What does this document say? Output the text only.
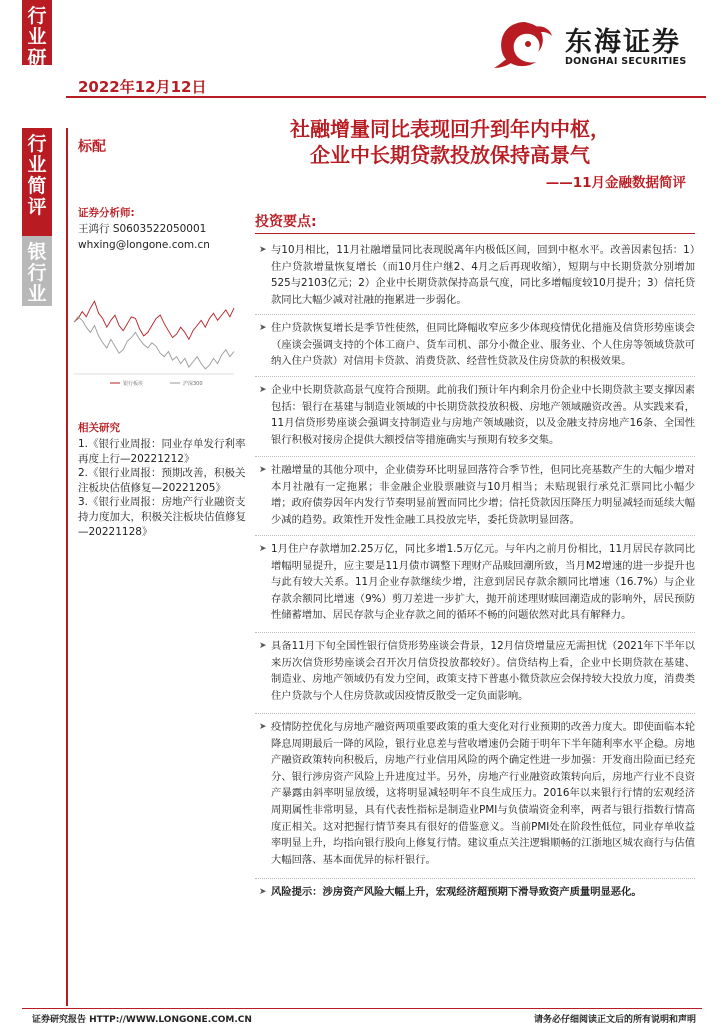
行业研究
行业简评
银行业
2022年12月12日
东海证券
DONGHAI SECURITIES
标配
社融增量同比表现回升到年内中枢，
企业中长期贷款投放保持高景气
——11月金融数据简评
证券分析师:
王鸿行 S0603522050001
whxing@longone.com.cn
银行板块	沪深300
相关研究
1.《银行业周报：同业存单发行利率再度上行—20221212》
2.《银行业周报：预期改善，积极关注板块估值修复—20221205》
3.《银行业周报：房地产行业融资支持力度加大，积极关注板块估值修复—20221128》
投资要点:
➤ 与10月相比，11月社融增量同比表现脱离年内极低区间，回到中枢水平。改善因素包括：1）住户贷款增量恢复增长（而10月住户继2、4月之后再现收缩），短期与中长期贷款分别增加525与2103亿元；2）企业中长期贷款保持高景气度，同比多增幅度较10月提升；3）信托贷款同比大幅少减对社融的拖累进一步弱化。
➤ 住户贷款恢复增长是季节性使然，但同比降幅收窄应多少体现疫情优化措施及信贷形势座谈会（座谈会强调支持的个体工商户、货车司机、部分小微企业、服务业、个人住房等领域贷款可纳入住户贷款）对信用卡贷款、消费贷款、经营性贷款及住房贷款的积极效果。
➤ 企业中长期贷款高景气度符合预期。此前我们预计年内剩余月份企业中长期贷款主要支撑因素包括：银行在基建与制造业领域的中长期贷款投放积极、房地产领域融资改善。从实践来看，11月信贷形势座谈会强调支持制造业与房地产领域融资，以及金融支持房地产16条、全国性银行积极对接房企提供大额授信等措施确实与预期有较多交集。
➤ 社融增量的其他分项中，企业债券环比明显回落符合季节性，但同比亮基数产生的大幅少增对本月社融有一定拖累；非金融企业股票融资与10月相当；未贴现银行承兑汇票同比小幅少增；政府债券因年内发行节奏明显前置而同比少增；信托贷款因压降压力明显减轻而延续大幅少减的趋势。政策性开发性金融工具投放完毕，委托贷款明显回落。
➤ 1月住户存款增加2.25万亿，同比多增1.5万亿元。与年内之前月份相比，11月居民存款同比增幅明显提升，应主要是11月债市调整下理财产品赎回潮所致，当月M2增速的进一步提升也与此有较大关系。11月企业存款继续少增，注意到居民存款余额同比增速（16.7%）与企业存款余额同比增速（9%）剪刀差进一步扩大，抛开前述理财赎回潮造成的影响外，居民预防性储蓄增加、居民存款与企业存款之间的循环不畅的问题依然对此具有解释力。
➤ 具备11月下旬全国性银行信贷形势座谈会背景，12月信贷增量应无需担忧（2021年下半年以来历次信贷形势座谈会召开次月信贷投放都较好）。信贷结构上看，企业中长期贷款在基建、制造业、房地产领域仍有发力空间，政策支持下普惠小微贷款应会保持较大投放力度，消费类住户贷款与个人住房贷款或因疫情反散受一定负面影响。
➤ 疫情防控优化与房地产融资两项重要政策的重大变化对行业预期的改善力度大。即使面临本轮降息周期最后一降的风险，银行业息差与营收增速仍会随于明年下半年随利率水平企稳。房地产融资政策转向积极后，房地产行业信用风险的两个确定性进一步加强：开发商出险面已经充分、银行涉房资产风险上升进度过半。另外，房地产行业融资政策转向后，房地产行业不良资产暴露由斜率明显放缓，这将明显减轻明年不良生成压力。2016年以来银行行情的宏观经济周期属性非常明显，具有代表性指标是制造业PMI与负债端资金利率，两者与银行指数行情高度正相关。这对把握行情节奏具有很好的借鉴意义。当前PMI处在阶段性低位，同业存单收益率明显上升，均指向银行股向上修复行情。建议重点关注逻辑顺畅的江浙地区城农商行与估值大幅回落、基本面优异的标杆银行。
➤ 风险提示：涉房资产风险大幅上升，宏观经济超预期下滑导致资产质量明显恶化。
证券研究报告 HTTP://WWW.LONGONE.COM.CN	请务必仔细阅读正文后的所有说明和声明
